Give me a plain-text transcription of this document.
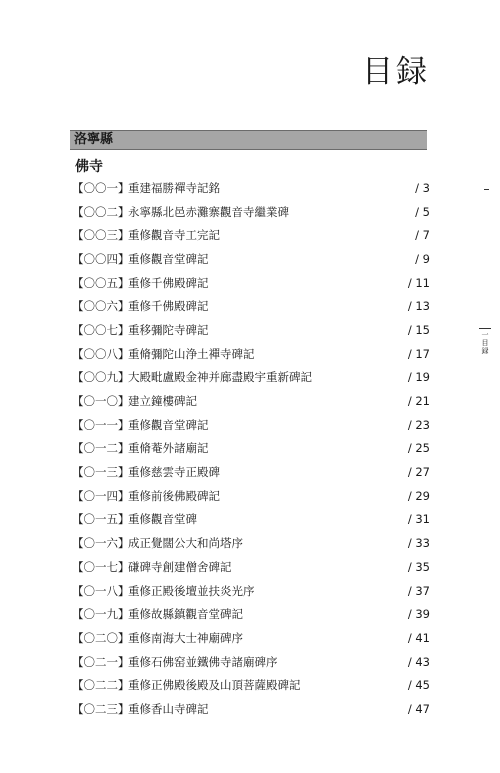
目録
洛寧縣
佛寺
【〇〇一】
重建福勝禪寺記銘	/ 3
【〇〇二】
永寧縣北邑赤灘寨觀音寺繼業碑	/ 5
【〇〇三】
重修觀音寺工完記	/ 7
【〇〇四】
重修觀音堂碑記	/ 9
【〇〇五】
重修千佛殿碑記	/ 11
【〇〇六】
重修千佛殿碑記	/ 13
【〇〇七】
重移彌陀寺碑記	/ 15
【〇〇八】
重脩彌陀山浄土禪寺碑記	/ 17
【〇〇九】
大殿毗盧殿金神并廊盡殿宇重新碑記	/ 19
【〇一〇】
建立鐘樓碑記	/ 21
【〇一一】
重修觀音堂碑記	/ 23
【〇一二】
重脩菴外諸廟記	/ 25
【〇一三】
重修慈雲寺正殿碑	/ 27
【〇一四】
重修前後佛殿碑記	/ 29
【〇一五】
重修觀音堂碑	/ 31
【〇一六】
成正覺闊公大和尚塔序	/ 33
【〇一七】
磏碑寺創建僧舍碑記	/ 35
【〇一八】
重修正殿後壇並扶炎光序	/ 37
【〇一九】
重修故縣鎮觀音堂碑記	/ 39
【〇二〇】
重修南海大士神廟碑序	/ 41
【〇二一】
重修石佛窑並鐵佛寺諸廟碑序	/ 43
【〇二二】
重修正佛殿後殿及山頂菩薩殿碑記	/ 45
【〇二三】
重修香山寺碑記	/ 47
一
目録
